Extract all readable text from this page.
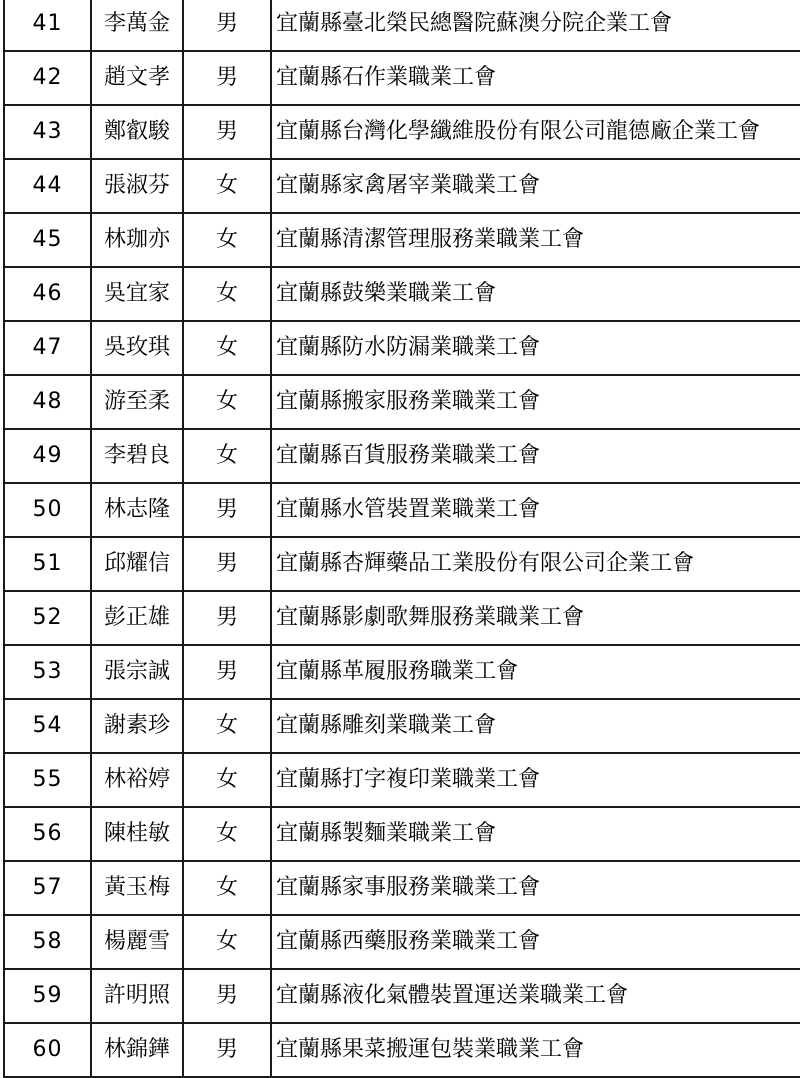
41	李萬金	男	宜蘭縣臺北榮民總醫院蘇澳分院企業工會
42	趙文孝	男	宜蘭縣石作業職業工會
43	鄭叡駿	男	宜蘭縣台灣化學纖維股份有限公司龍德廠企業工會
44	張淑芬	女	宜蘭縣家禽屠宰業職業工會
45	林珈亦	女	宜蘭縣清潔管理服務業職業工會
46	吳宜家	女	宜蘭縣鼓樂業職業工會
47	吳玫琪	女	宜蘭縣防水防漏業職業工會
48	游至柔	女	宜蘭縣搬家服務業職業工會
49	李碧良	女	宜蘭縣百貨服務業職業工會
50	林志隆	男	宜蘭縣水管裝置業職業工會
51	邱耀信	男	宜蘭縣杏輝藥品工業股份有限公司企業工會
52	彭正雄	男	宜蘭縣影劇歌舞服務業職業工會
53	張宗誠	男	宜蘭縣革履服務職業工會
54	謝素珍	女	宜蘭縣雕刻業職業工會
55	林裕婷	女	宜蘭縣打字複印業職業工會
56	陳桂敏	女	宜蘭縣製麵業職業工會
57	黃玉梅	女	宜蘭縣家事服務業職業工會
58	楊麗雪	女	宜蘭縣西藥服務業職業工會
59	許明照	男	宜蘭縣液化氣體裝置運送業職業工會
60	林錦鏵	男	宜蘭縣果菜搬運包裝業職業工會
